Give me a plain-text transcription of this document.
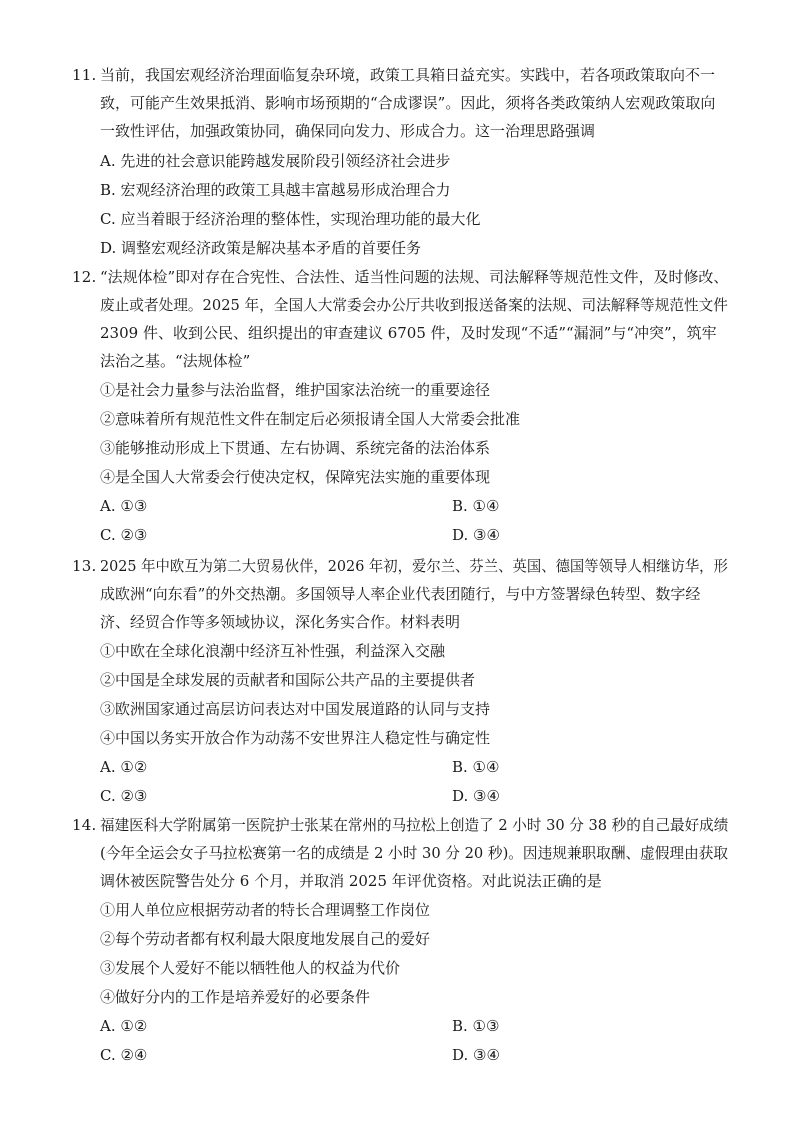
11. 当前，我国宏观经济治理面临复杂环境，政策工具箱日益充实。实践中，若各项政策取向不一
致，可能产生效果抵消、影响市场预期的“合成谬误”。因此，须将各类政策纳人宏观政策取向
一致性评估，加强政策协同，确保同向发力、形成合力。这一治理思路强调
A. 先进的社会意识能跨越发展阶段引领经济社会进步
B. 宏观经济治理的政策工具越丰富越易形成治理合力
C. 应当着眼于经济治理的整体性，实现治理功能的最大化
D. 调整宏观经济政策是解决基本矛盾的首要任务
12. “法规体检”即对存在合宪性、合法性、适当性问题的法规、司法解释等规范性文件，及时修改、
废止或者处理。2025 年，全国人大常委会办公厅共收到报送备案的法规、司法解释等规范性文件
2309 件、收到公民、组织提出的审查建议 6705 件，及时发现“不适”“漏洞”与“冲突”，筑牢
法治之基。“法规体检”
①是社会力量参与法治监督，维护国家法治统一的重要途径
②意味着所有规范性文件在制定后必须报请全国人大常委会批准
③能够推动形成上下贯通、左右协调、系统完备的法治体系
④是全国人大常委会行使决定权，保障宪法实施的重要体现
A. ①③	B. ①④
C. ②③	D. ③④
13. 2025 年中欧互为第二大贸易伙伴，2026 年初，爱尔兰、芬兰、英国、德国等领导人相继访华，形
成欧洲“向东看”的外交热潮。多国领导人率企业代表团随行，与中方签署绿色转型、数字经
济、经贸合作等多领域协议，深化务实合作。材料表明
①中欧在全球化浪潮中经济互补性强，利益深入交融
②中国是全球发展的贡献者和国际公共产品的主要提供者
③欧洲国家通过高层访问表达对中国发展道路的认同与支持
④中国以务实开放合作为动荡不安世界注人稳定性与确定性
A. ①②	B. ①④
C. ②③	D. ③④
14. 福建医科大学附属第一医院护士张某在常州的马拉松上创造了 2 小时 30 分 38 秒的自己最好成绩
(今年全运会女子马拉松赛第一名的成绩是 2 小时 30 分 20 秒)。因违规兼职取酬、虚假理由获取
调休被医院警告处分 6 个月，并取消 2025 年评优资格。对此说法正确的是
①用人单位应根据劳动者的特长合理调整工作岗位
②每个劳动者都有权利最大限度地发展自己的爱好
③发展个人爱好不能以牺牲他人的权益为代价
④做好分内的工作是培养爱好的必要条件
A. ①②	B. ①③
C. ②④	D. ③④
